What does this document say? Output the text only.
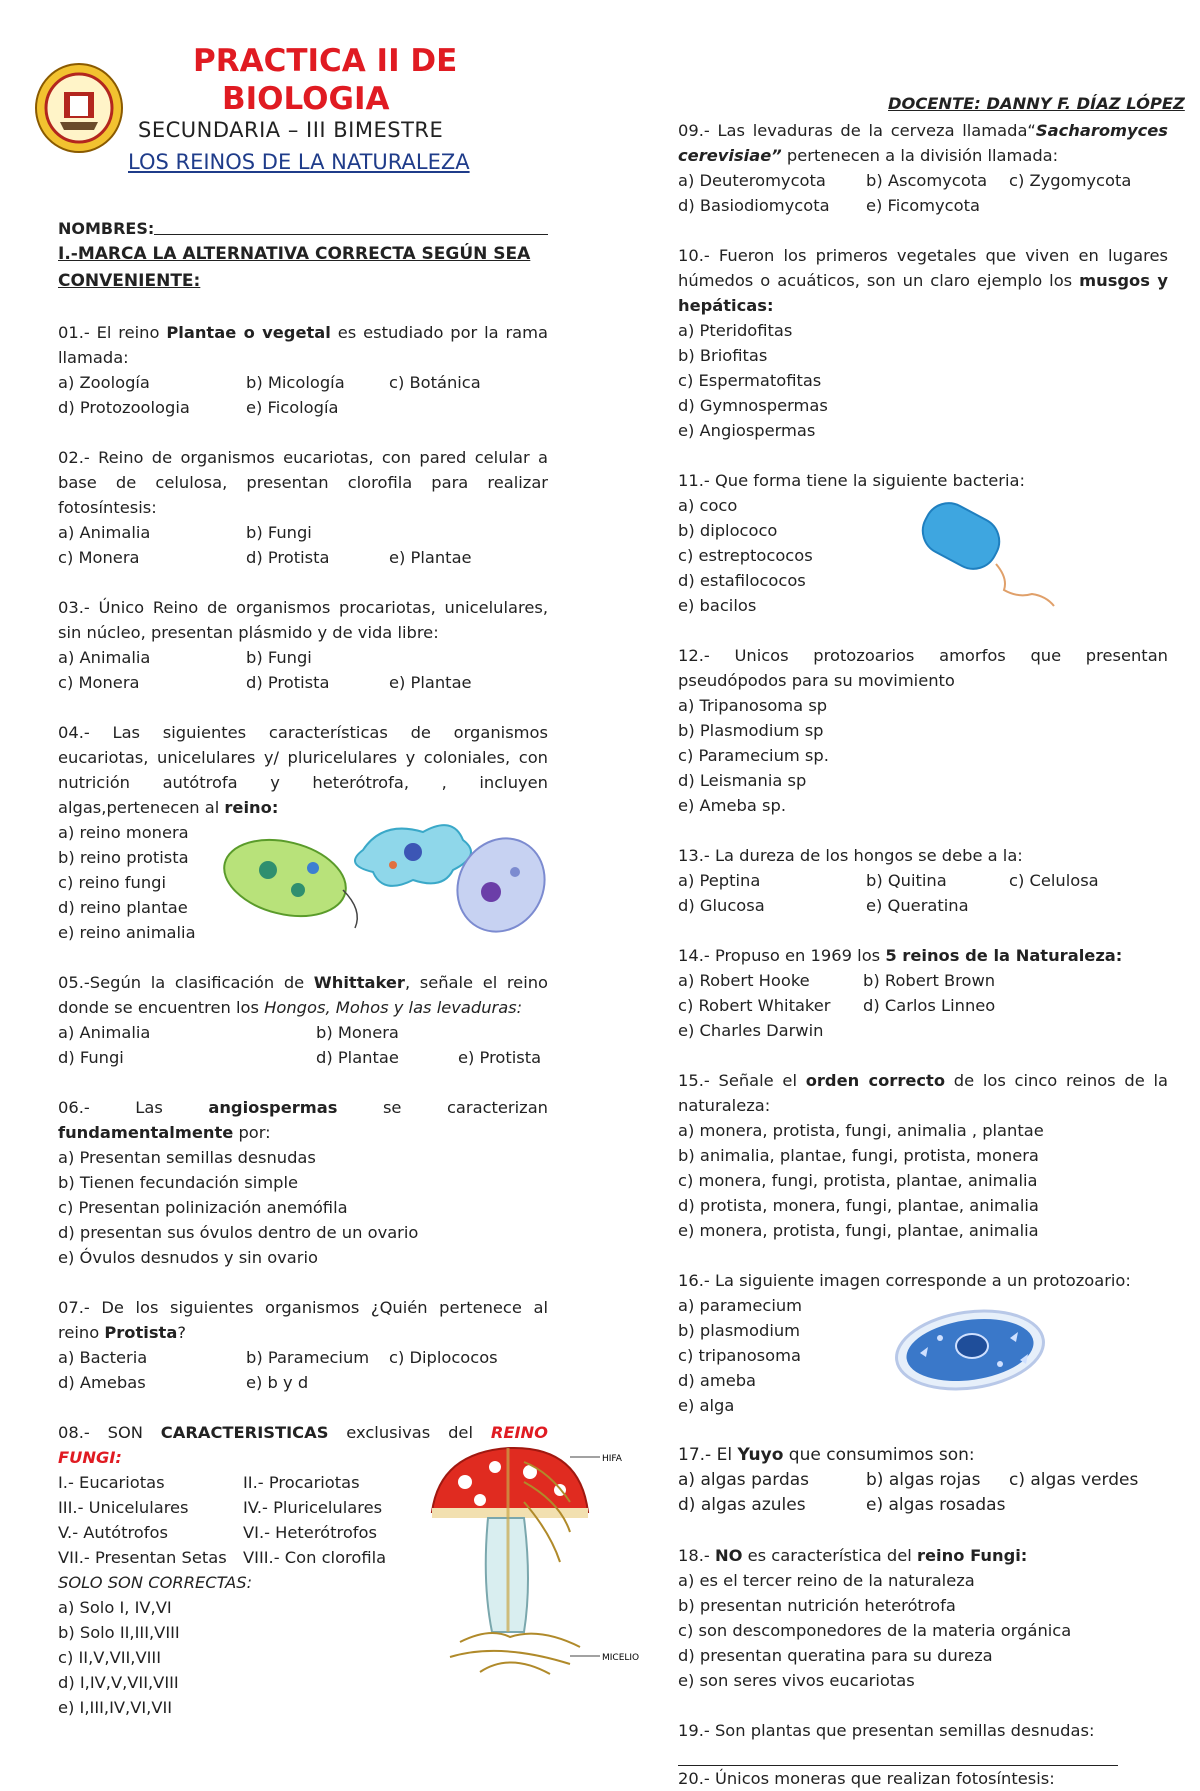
PRACTICA II DE
BIOLOGIA
SECUNDARIA – III BIMESTRE
LOS REINOS DE LA NATURALEZA
DOCENTE: DANNY F. DÍAZ LÓPEZ
NOMBRES:
I.-MARCA LA ALTERNATIVA CORRECTA SEGÚN SEA
CONVENIENTE:
01.- El reino Plantae o vegetal es estudiado por la rama llamada:
a) Zoología	b) Micología	c) Botánica
d) Protozoologia	e) Ficología
02.- Reino de organismos eucariotas, con pared celular a base de celulosa, presentan clorofila para realizar fotosíntesis:
a) Animalia	b) Fungi
c) Monera	d) Protista	e) Plantae
03.- Único Reino de organismos procariotas, unicelulares, sin núcleo, presentan plásmido y de vida libre:
a) Animalia	b) Fungi
c) Monera	d) Protista	e) Plantae
04.- Las siguientes características de organismos eucariotas, unicelulares y/ pluricelulares y coloniales, con nutrición autótrofa y heterótrofa, , incluyen algas,pertenecen al reino:
a) reino monera
b) reino protista
c) reino fungi
d) reino plantae
e) reino animalia
05.-Según la clasificación de Whittaker, señale el reino donde se encuentren los Hongos, Mohos y las levaduras:
a) Animalia	b) Monera
d) Fungi	d) Plantae	e) Protista
06.- Las angiospermas se caracterizan fundamentalmente por:
a) Presentan semillas desnudas
b) Tienen fecundación simple
c) Presentan polinización anemófila
d) presentan sus óvulos dentro de un ovario
e) Óvulos desnudos y sin ovario
07.- De los siguientes organismos ¿Quién pertenece al reino Protista?
a) Bacteria	b) Paramecium	c) Diplococos
d) Amebas	e) b y d
08.- SON CARACTERISTICAS exclusivas del REINO FUNGI:
I.- Eucariotas	II.- Procariotas
III.- Unicelulares	IV.- Pluricelulares
V.- Autótrofos	VI.- Heterótrofos
VII.- Presentan Setas VIII.- Con clorofila
SOLO SON CORRECTAS:
a) Solo I, IV,VI
b) Solo II,III,VIII
c) II,V,VII,VIII
d) I,IV,V,VII,VIII
e) I,III,IV,VI,VII
HIFA
MICELIO
09.- Las levaduras de la cerveza llamada“Sacharomyces cerevisiae” pertenecen a la división llamada:
a) Deuteromycota	b) Ascomycota	c) Zygomycota
d) Basiodiomycota	e) Ficomycota
10.- Fueron los primeros vegetales que viven en lugares húmedos o acuáticos, son un claro ejemplo los musgos y hepáticas:
a) Pteridofitas
b) Briofitas
c) Espermatofitas
d) Gymnospermas
e) Angiospermas
11.- Que forma tiene la siguiente bacteria:
a) coco
b) diplococo
c) estreptococos
d) estafilococos
e) bacilos
12.- Unicos protozoarios amorfos que presentan pseudópodos para su movimiento
a) Tripanosoma sp
b) Plasmodium sp
c) Paramecium sp.
d) Leismania sp
e) Ameba sp.
13.- La dureza de los hongos se debe a la:
a) Peptina	b) Quitina	c) Celulosa
d) Glucosa	e) Queratina
14.- Propuso en 1969 los 5 reinos de la Naturaleza:
a) Robert Hooke	b) Robert Brown
c) Robert Whitaker	d) Carlos Linneo
e) Charles Darwin
15.- Señale el orden correcto de los cinco reinos de la naturaleza:
a) monera, protista, fungi, animalia , plantae
b) animalia, plantae, fungi, protista, monera
c) monera, fungi, protista, plantae, animalia
d) protista, monera, fungi, plantae, animalia
e) monera, protista, fungi, plantae, animalia
16.- La siguiente imagen corresponde a un protozoario:
a) paramecium
b) plasmodium
c) tripanosoma
d) ameba
e) alga
17.- El Yuyo que consumimos son:
a) algas pardas	b) algas rojas	c) algas verdes
d) algas azules	e) algas rosadas
18.- NO es característica del reino Fungi:
a) es el tercer reino de la naturaleza
b) presentan nutrición heterótrofa
c) son descomponedores de la materia orgánica
d) presentan queratina para su dureza
e) son seres vivos eucariotas
19.- Son plantas que presentan semillas desnudas:
20.- Únicos moneras que realizan fotosíntesis:
